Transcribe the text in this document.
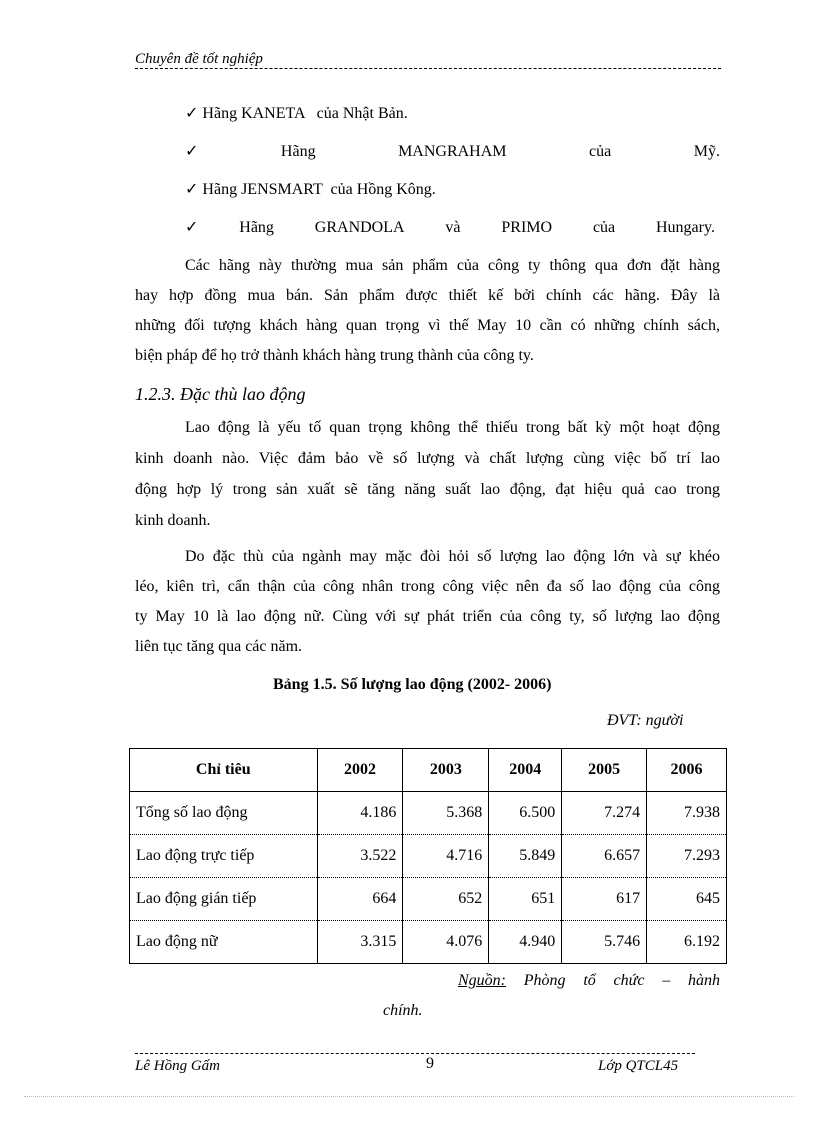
Chuyên đề tốt nghiệp
✓ Hãng KANETA   của Nhật Bản.
✓	Hãng	MANGRAHAM	của	Mỹ.
✓ Hãng JENSMART  của Hồng Kông.
✓	Hãng	GRANDOLA	và	PRIMO	của	Hungary.
Các hãng này thường mua sản phẩm của công ty thông qua đơn đặt hàng
hay hợp đồng mua bán. Sản phẩm được thiết kế bởi chính các hãng. Đây là
những đối tượng khách hàng quan trọng vì thế May 10 cần có những chính sách,
biện pháp để họ trở thành khách hàng trung thành của công ty.
1.2.3. Đặc thù lao động
Lao động là yếu tố quan trọng không thể thiếu trong bất kỳ một hoạt động
kinh doanh nào. Việc đảm bảo về số lượng và chất lượng cùng việc bố trí lao
động hợp lý trong sản xuất sẽ tăng năng suất lao động, đạt hiệu quả cao trong
kinh doanh.
Do đặc thù của ngành may mặc đòi hỏi số lượng lao động lớn và sự khéo
léo, kiên trì, cẩn thận của công nhân trong công việc nên đa số lao động của công
ty May 10 là lao động nữ. Cùng với sự phát triển của công ty, số lượng lao động
liên tục tăng qua các năm.
Bảng 1.5. Số lượng lao động (2002- 2006)
ĐVT: người
Chỉ tiêu	2002	2003	2004	2005	2006
Tổng số lao động	4.186	5.368	6.500	7.274	7.938
Lao động trực tiếp	3.522	4.716	5.849	6.657	7.293
Lao động gián tiếp	664	652	651	617	645
Lao động nữ	3.315	4.076	4.940	5.746	6.192
Nguồn: Phòng tổ chức – hành
chính.
Lê Hồng Gấm	9	Lớp QTCL45
